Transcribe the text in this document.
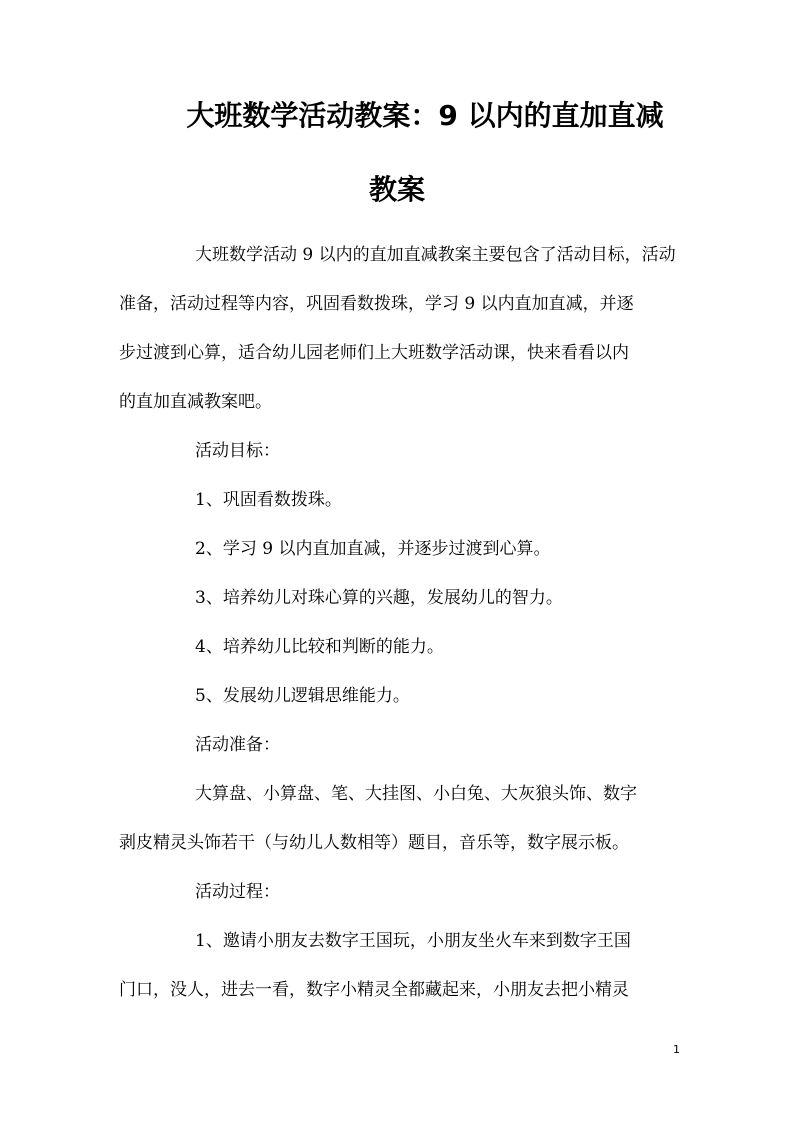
大班数学活动教案：9 以内的直加直减
教案

大班数学活动 9 以内的直加直减教案主要包含了活动目标，活动

准备，活动过程等内容，巩固看数拨珠，学习 9 以内直加直减，并逐

步过渡到心算，适合幼儿园老师们上大班数学活动课，快来看看以内

的直加直减教案吧。

活动目标：

1、巩固看数拨珠。

2、学习 9 以内直加直减，并逐步过渡到心算。

3、培养幼儿对珠心算的兴趣，发展幼儿的智力。

4、培养幼儿比较和判断的能力。

5、发展幼儿逻辑思维能力。

活动准备：

大算盘、小算盘、笔、大挂图、小白兔、大灰狼头饰、数字

剥皮精灵头饰若干（与幼儿人数相等）题目，音乐等，数字展示板。

活动过程：

1、邀请小朋友去数字王国玩，小朋友坐火车来到数字王国

门口，没人，进去一看，数字小精灵全都藏起来，小朋友去把小精灵

1
